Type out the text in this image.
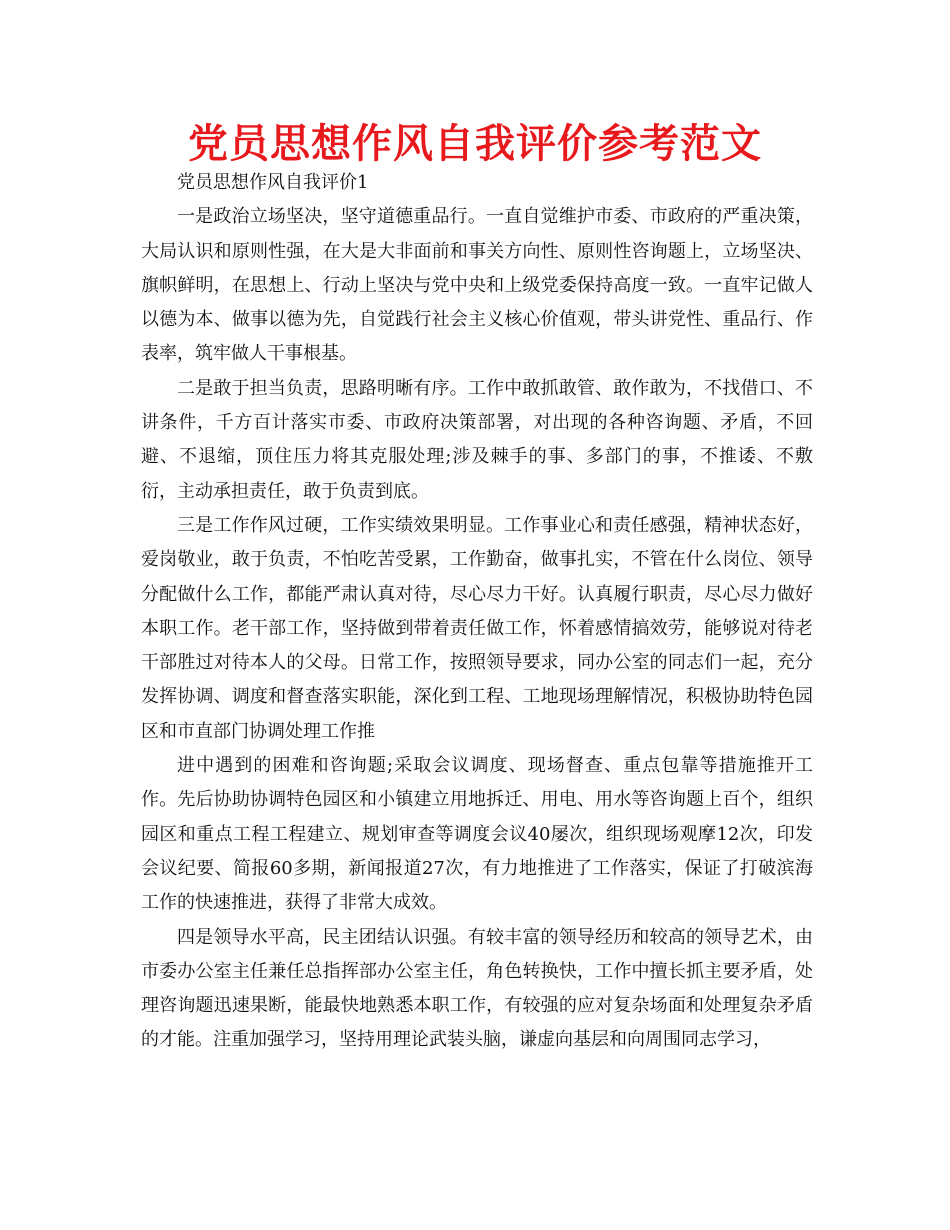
党员思想作风自我评价参考范文

党员思想作风自我评价1

一是政治立场坚决，坚守道德重品行。一直自觉维护市委、市政府的严重决策，大局认识和原则性强，在大是大非面前和事关方向性、原则性咨询题上，立场坚决、旗帜鲜明，在思想上、行动上坚决与党中央和上级党委保持高度一致。一直牢记做人以德为本、做事以德为先，自觉践行社会主义核心价值观，带头讲党性、重品行、作表率，筑牢做人干事根基。

二是敢于担当负责，思路明晰有序。工作中敢抓敢管、敢作敢为，不找借口、不讲条件，千方百计落实市委、市政府决策部署，对出现的各种咨询题、矛盾，不回避、不退缩，顶住压力将其克服处理;涉及棘手的事、多部门的事，不推诿、不敷衍，主动承担责任，敢于负责到底。

三是工作作风过硬，工作实绩效果明显。工作事业心和责任感强，精神状态好，爱岗敬业，敢于负责，不怕吃苦受累，工作勤奋，做事扎实，不管在什么岗位、领导分配做什么工作，都能严肃认真对待，尽心尽力干好。认真履行职责，尽心尽力做好本职工作。老干部工作，坚持做到带着责任做工作，怀着感情搞效劳，能够说对待老干部胜过对待本人的父母。日常工作，按照领导要求，同办公室的同志们一起，充分发挥协调、调度和督查落实职能，深化到工程、工地现场理解情况，积极协助特色园区和市直部门协调处理工作推

进中遇到的困难和咨询题;采取会议调度、现场督查、重点包靠等措施推开工作。先后协助协调特色园区和小镇建立用地拆迁、用电、用水等咨询题上百个，组织园区和重点工程工程建立、规划审查等调度会议40屡次，组织现场观摩12次，印发会议纪要、简报60多期，新闻报道27次，有力地推进了工作落实，保证了打破滨海工作的快速推进，获得了非常大成效。

四是领导水平高，民主团结认识强。有较丰富的领导经历和较高的领导艺术，由市委办公室主任兼任总指挥部办公室主任，角色转换快，工作中擅长抓主要矛盾，处理咨询题迅速果断，能最快地熟悉本职工作，有较强的应对复杂场面和处理复杂矛盾的才能。注重加强学习，坚持用理论武装头脑，谦虚向基层和向周围同志学习，
